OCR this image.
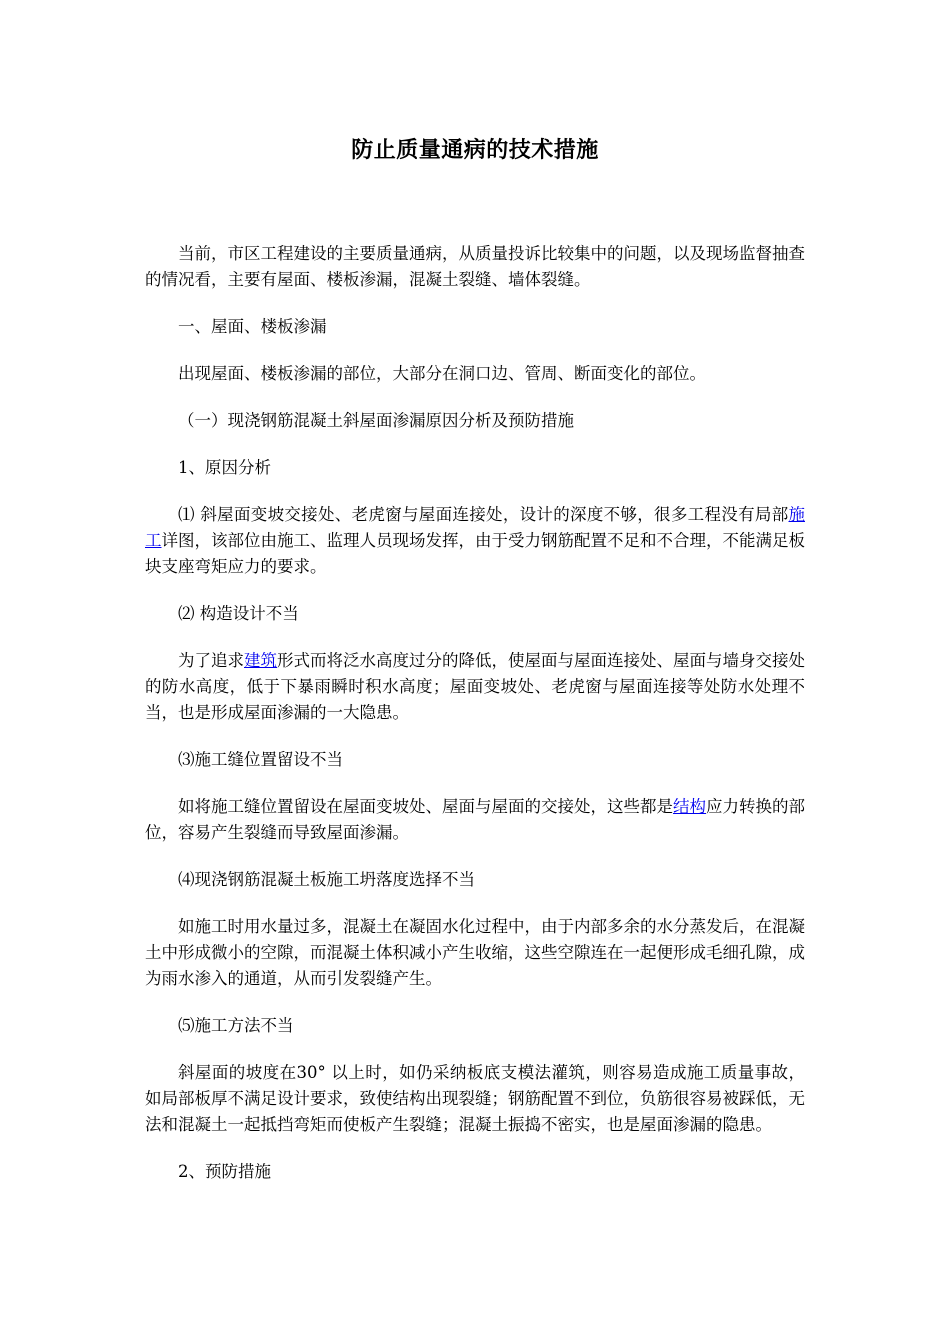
防止质量通病的技术措施

当前，市区工程建设的主要质量通病，从质量投诉比较集中的问题，以及现场监督抽查的情况看，主要有屋面、楼板渗漏，混凝土裂缝、墙体裂缝。

一、屋面、楼板渗漏

出现屋面、楼板渗漏的部位，大部分在洞口边、管周、断面变化的部位。

（一）现浇钢筋混凝土斜屋面渗漏原因分析及预防措施

1、原因分析

⑴ 斜屋面变坡交接处、老虎窗与屋面连接处，设计的深度不够，很多工程没有局部施工详图，该部位由施工、监理人员现场发挥，由于受力钢筋配置不足和不合理，不能满足板块支座弯矩应力的要求。

⑵ 构造设计不当

为了追求建筑形式而将泛水高度过分的降低，使屋面与屋面连接处、屋面与墙身交接处的防水高度，低于下暴雨瞬时积水高度；屋面变坡处、老虎窗与屋面连接等处防水处理不当，也是形成屋面渗漏的一大隐患。

⑶施工缝位置留设不当

如将施工缝位置留设在屋面变坡处、屋面与屋面的交接处，这些都是结构应力转换的部位，容易产生裂缝而导致屋面渗漏。

⑷现浇钢筋混凝土板施工坍落度选择不当

如施工时用水量过多，混凝土在凝固水化过程中，由于内部多余的水分蒸发后，在混凝土中形成微小的空隙，而混凝土体积减小产生收缩，这些空隙连在一起便形成毛细孔隙，成为雨水渗入的通道，从而引发裂缝产生。

⑸施工方法不当

斜屋面的坡度在30° 以上时，如仍采纳板底支模法灌筑，则容易造成施工质量事故，如局部板厚不满足设计要求，致使结构出现裂缝；钢筋配置不到位，负筋很容易被踩低，无法和混凝土一起抵挡弯矩而使板产生裂缝；混凝土振捣不密实，也是屋面渗漏的隐患。

2、预防措施
